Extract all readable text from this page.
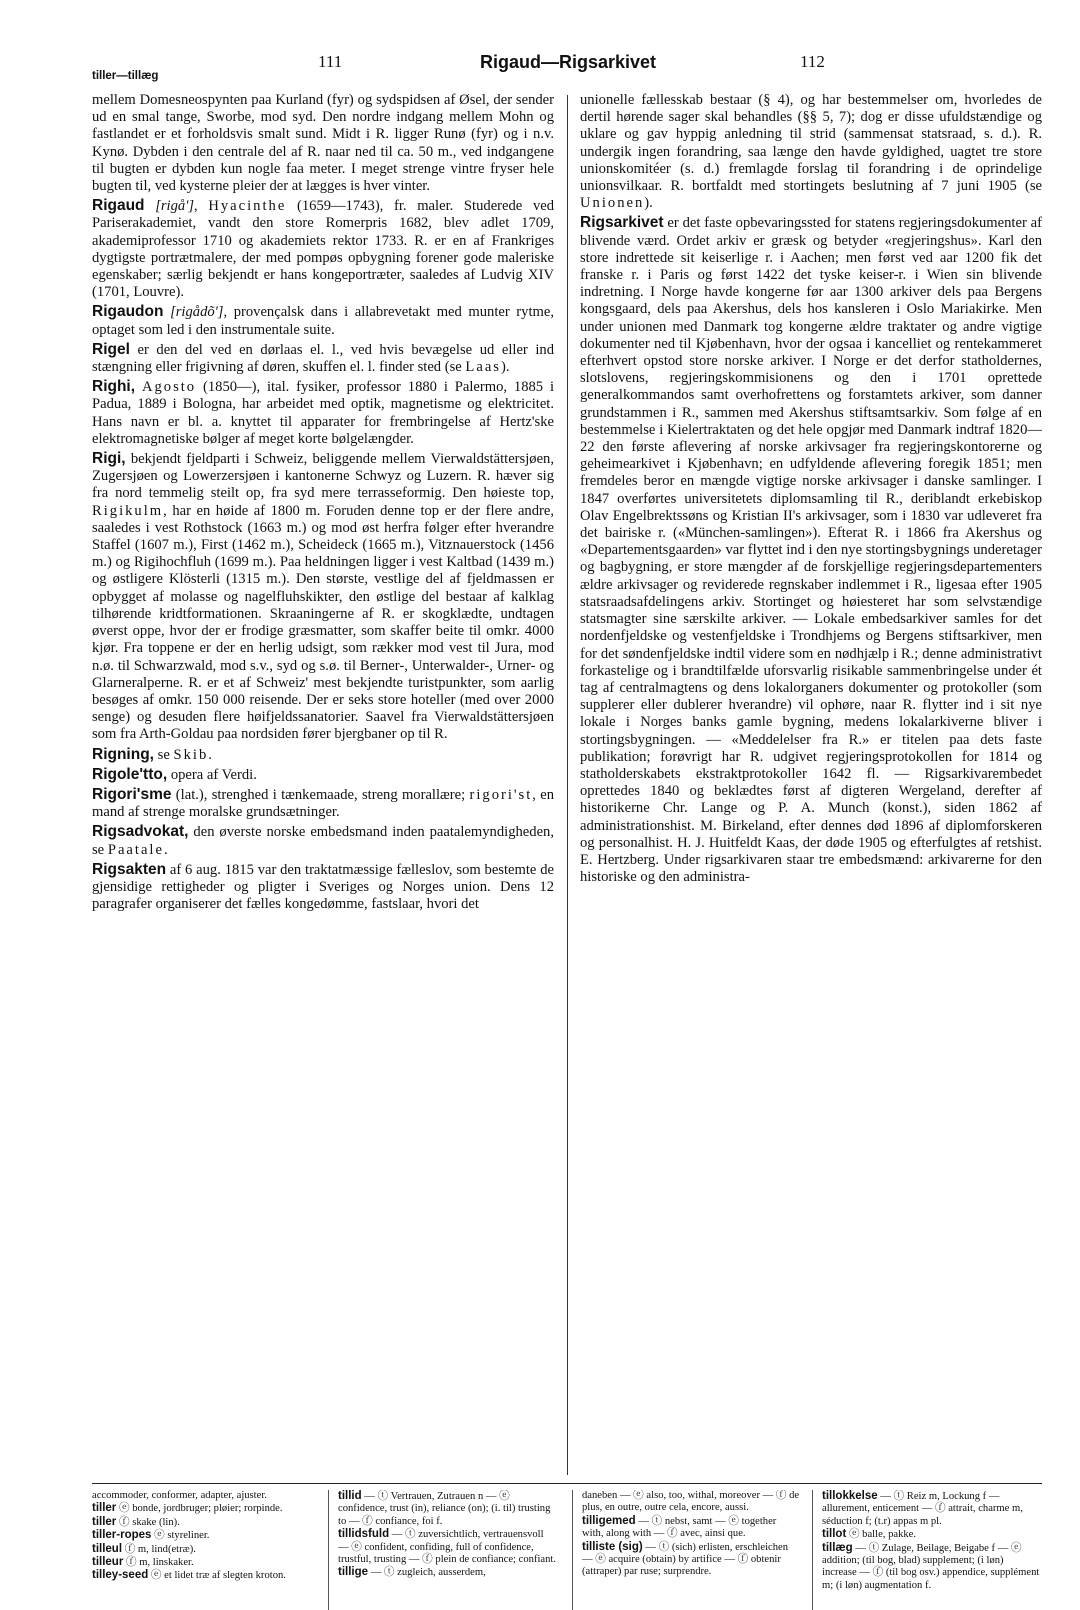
111	Rigaud—Rigsarkivet	112
tiller—tillæg

mellem Domesneospynten paa Kurland (fyr) og sydspidsen af Øsel, der sender ud en smal tange, Sworbe, mod syd. Den nordre indgang mellem Mohn og fastlandet er et forholdsvis smalt sund. Midt i R. ligger Runø (fyr) og i n.v. Kynø. Dybden i den centrale del af R. naar ned til ca. 50 m., ved indgangene til bugten er dybden kun nogle faa meter. I meget strenge vintre fryser hele bugten til, ved kysterne pleier der at lægges is hver vinter.

Rigaud [rigå'], Hyacinthe (1659—1743), fr. maler. Studerede ved Pariserakademiet, vandt den store Romerpris 1682, blev adlet 1709, akademiprofessor 1710 og akademiets rektor 1733. R. er en af Frankriges dygtigste portrætmalere, der med pompøs opbygning forener gode maleriske egenskaber; særlig bekjendt er hans kongeportræter, saaledes af Ludvig XIV (1701, Louvre).

Rigaudon [rigådõ'], provençalsk dans i allabrevetakt med munter rytme, optaget som led i den instrumentale suite.

Rigel er den del ved en dørlaas el. l., ved hvis bevægelse ud eller ind stængning eller frigivning af døren, skuffen el. l. finder sted (se Laas).

Righi, Agosto (1850—), ital. fysiker, professor 1880 i Palermo, 1885 i Padua, 1889 i Bologna, har arbeidet med optik, magnetisme og elektricitet. Hans navn er bl. a. knyttet til apparater for frembringelse af Hertz'ske elektromagnetiske bølger af meget korte bølgelængder.

Rigi, bekjendt fjeldparti i Schweiz, beliggende mellem Vierwaldstättersjøen, Zugersjøen og Lowerzersjøen i kantonerne Schwyz og Luzern. R. hæver sig fra nord temmelig steilt op, fra syd mere terrasseformig. Den høieste top, Rigikulm, har en høide af 1800 m. Foruden denne top er der flere andre, saaledes i vest Rothstock (1663 m.) og mod øst herfra følger efter hverandre Staffel (1607 m.), First (1462 m.), Scheideck (1665 m.), Vitznauerstock (1456 m.) og Rigihochfluh (1699 m.). Paa heldningen ligger i vest Kaltbad (1439 m.) og østligere Klösterli (1315 m.). Den største, vestlige del af fjeldmassen er opbygget af molasse og nagelfluhskikter, den østlige del bestaar af kalklag tilhørende kridtformationen. Skraaningerne af R. er skogklædte, undtagen øverst oppe, hvor der er frodige græsmatter, som skaffer beite til omkr. 4000 kjør. Fra toppene er der en herlig udsigt, som rækker mod vest til Jura, mod n.ø. til Schwarzwald, mod s.v., syd og s.ø. til Berner-, Unterwalder-, Urner- og Glarneralperne. R. er et af Schweiz' mest bekjendte turistpunkter, som aarlig besøges af omkr. 150 000 reisende. Der er seks store hoteller (med over 2000 senge) og desuden flere høifjeldssanatorier. Saavel fra Vierwaldstättersjøen som fra Arth-Goldau paa nordsiden fører bjergbaner op til R.

Rigning, se Skib.

Rigole'tto, opera af Verdi.

Rigori'sme (lat.), strenghed i tænkemaade, streng morallære; rigori'st, en mand af strenge moralske grundsætninger.

Rigsadvokat, den øverste norske embedsmand inden paatalemyndigheden, se Paatale.

Rigsakten af 6 aug. 1815 var den traktatmæssige fælleslov, som bestemte de gjensidige rettigheder og pligter i Sveriges og Norges union. Dens 12 paragrafer organiserer det fælles kongedømme, fastslaar, hvori det

unionelle fællesskab bestaar (§ 4), og har bestemmelser om, hvorledes de dertil hørende sager skal behandles (§§ 5, 7); dog er disse ufuldstændige og uklare og gav hyppig anledning til strid (sammensat statsraad, s. d.). R. undergik ingen forandring, saa længe den havde gyldighed, uagtet tre store unionskomitéer (s. d.) fremlagde forslag til forandring i de oprindelige unionsvilkaar. R. bortfaldt med stortingets beslutning af 7 juni 1905 (se Unionen).

Rigsarkivet er det faste opbevaringssted for statens regjeringsdokumenter af blivende værd. Ordet arkiv er græsk og betyder «regjeringshus». Karl den store indrettede sit keiserlige r. i Aachen; men først ved aar 1200 fik det franske r. i Paris og først 1422 det tyske keiser-r. i Wien sin blivende indretning. I Norge havde kongerne før aar 1300 arkiver dels paa Bergens kongsgaard, dels paa Akershus, dels hos kansleren i Oslo Mariakirke. Men under unionen med Danmark tog kongerne ældre traktater og andre vigtige dokumenter ned til Kjøbenhavn, hvor der ogsaa i kancelliet og rentekammeret efterhvert opstod store norske arkiver. I Norge er det derfor statholdernes, slotslovens, regjeringskommisionens og den i 1701 oprettede generalkommandos samt overhofrettens og forstamtets arkiver, som danner grundstammen i R., sammen med Akershus stiftsamtsarkiv. Som følge af en bestemmelse i Kielertraktaten og det hele opgjør med Danmark indtraf 1820—22 den første aflevering af norske arkivsager fra regjeringskontorerne og geheimearkivet i Kjøbenhavn; en udfyldende aflevering foregik 1851; men fremdeles beror en mængde vigtige norske arkivsager i danske samlinger. I 1847 overførtes universitetets diplomsamling til R., deriblandt erkebiskop Olav Engelbrektssøns og Kristian II's arkivsager, som i 1830 var udleveret fra det bairiske r. («München-samlingen»). Efterat R. i 1866 fra Akershus og «Departementsgaarden» var flyttet ind i den nye stortingsbygnings underetager og bagbygning, er store mængder af de forskjellige regjeringsdepartementers ældre arkivsager og reviderede regnskaber indlemmet i R., ligesaa efter 1905 statsraadsafdelingens arkiv. Stortinget og høiesteret har som selvstændige statsmagter sine særskilte arkiver. — Lokale embedsarkiver samles for det nordenfjeldske og vestenfjeldske i Trondhjems og Bergens stiftsarkiver, men for det søndenfjeldske indtil videre som en nødhjælp i R.; denne administrativt forkastelige og i brandtilfælde uforsvarlig risikable sammenbringelse under ét tag af centralmagtens og dens lokalorganers dokumenter og protokoller (som supplerer eller dublerer hverandre) vil ophøre, naar R. flytter ind i sit nye lokale i Norges banks gamle bygning, medens lokalarkiverne bliver i stortingsbygningen. — «Meddelelser fra R.» er titelen paa dets faste publikation; forøvrigt har R. udgivet regjeringsprotokollen for 1814 og statholderskabets ekstraktprotokoller 1642 fl. — Rigsarkivarembedet oprettedes 1840 og beklædtes først af digteren Wergeland, derefter af historikerne Chr. Lange og P. A. Munch (konst.), siden 1862 af administrationshist. M. Birkeland, efter dennes død 1896 af diplomforskeren og personalhist. H. J. Huitfeldt Kaas, der døde 1905 og efterfulgtes af retshist. E. Hertzberg. Under rigsarkivaren staar tre embedsmænd: arkivarerne for den historiske og den administra-

accommoder, conformer, adapter, ajuster.
tiller ⓔ bonde, jordbruger; pløier; rorpinde.
tiller ⓕ skake (lin).
tiller-ropes ⓔ styreliner.
tilleul ⓕ m, lind(etræ).
tilleur ⓕ m, linskaker.
tilley-seed ⓔ et lidet træ af slegten kroton.
tillid — ⓣ Vertrauen, Zutrauen n — ⓔ confidence, trust (in), reliance (on); (i. til) trusting to — ⓕ confiance, foi f.
tillidsfuld — ⓣ zuversichtlich, vertrauensvoll — ⓔ confident, confiding, full of confidence, trustful, trusting — ⓕ plein de confiance; confiant.
tillige — ⓣ zugleich, ausserdem,
daneben — ⓔ also, too, withal, moreover — ⓕ de plus, en outre, outre cela, encore, aussi.
tilligemed — ⓣ nebst, samt — ⓔ together with, along with — ⓕ avec, ainsi que.
tilliste (sig) — ⓣ (sich) erlisten, erschleichen — ⓔ acquire (obtain) by artifice — ⓕ obtenir (attraper) par ruse; surprendre.
tillokkelse — ⓣ Reiz m, Lockung f — allurement, enticement — ⓕ attrait, charme m, séduction f; (t.r) appas m pl.
tillot ⓔ balle, pakke.
tillæg — ⓣ Zulage, Beilage, Beigabe f — ⓔ addition; (til bog, blad) supplement; (i løn) increase — ⓕ (til bog osv.) appendice, supplément m; (i løn) augmentation f.
